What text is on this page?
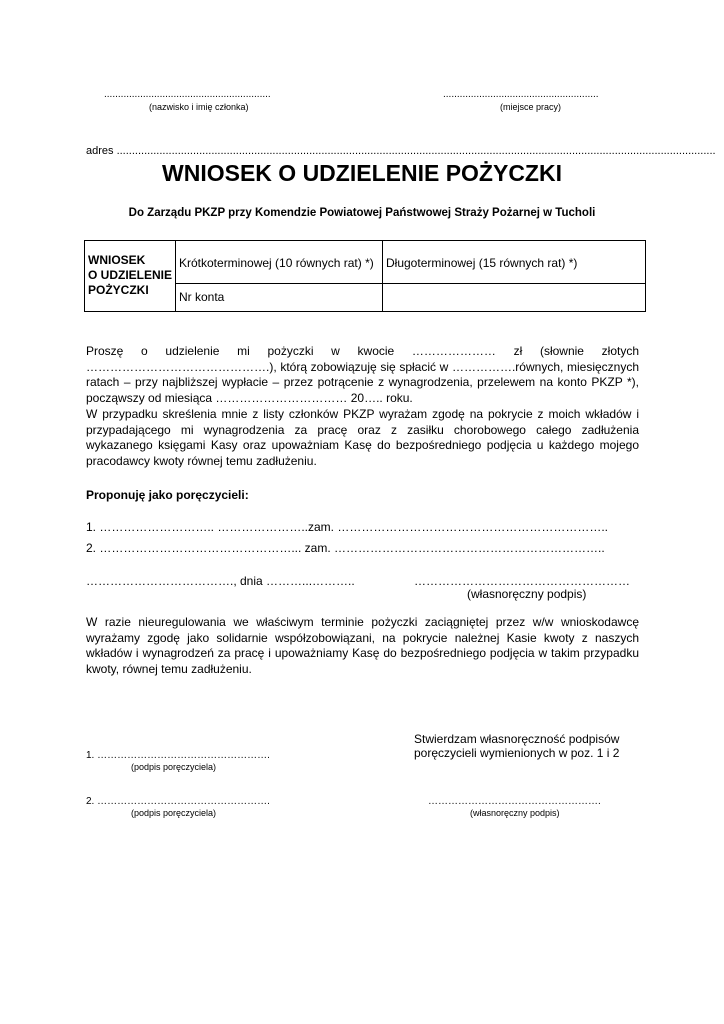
............................................................
(nazwisko i imię członka)
........................................................
(miejsce pracy)
adres ....................................................................................................................................................................................................
WNIOSEK O UDZIELENIE POŻYCZKI
Do Zarządu PKZP przy Komendzie Powiatowej Państwowej Straży Pożarnej w Tucholi
WNIOSEK
O UDZIELENIE
POŻYCZKI	Krótkoterminowej (10 równych rat) *)	Długoterminowej (15 równych rat) *)
	Nr konta	

Proszę o udzielenie mi pożyczki w kwocie ………………… zł (słownie złotych ……………………………………….), którą zobowiązuję się spłacić w …………….równych, miesięcznych ratach – przy najbliższej wypłacie – przez potrącenie z wynagrodzenia, przelewem na konto PKZP *), począwszy od miesiąca …………………………… 20….. roku.

W przypadku skreślenia mnie z listy członków PKZP wyrażam zgodę na pokrycie z moich wkładów i przypadającego mi wynagrodzenia za pracę oraz z zasiłku chorobowego całego zadłużenia wykazanego księgami Kasy oraz upoważniam Kasę do bezpośredniego podjęcia u każdego mojego pracodawcy kwoty równej temu zadłużeniu.

Proponuję jako poręczycieli:
1. ……………………….. …………………..zam. …………………………………………………………..
2. …………………………………………... zam. …………………………………………………………..
………………………………., dnia ………...………..	………………………………………………
(własnoręczny podpis)

W razie nieuregulowania we właściwym terminie pożyczki zaciągniętej przez w/w wnioskodawcę wyrażamy zgodę jako solidarnie współzobowiązani, na pokrycie należnej Kasie kwoty z naszych wkładów i wynagrodzeń za pracę i upoważniamy Kasę do bezpośredniego podjęcia w takim przypadku kwoty, równej temu zadłużeniu.

Stwierdzam własnoręczność podpisów
poręczycieli wymienionych w poz. 1 i 2
1. …………………………………………….
(podpis poręczyciela)
2. …………………………………………….
(podpis poręczyciela)
…………………………………………….
(własnoręczny podpis)
